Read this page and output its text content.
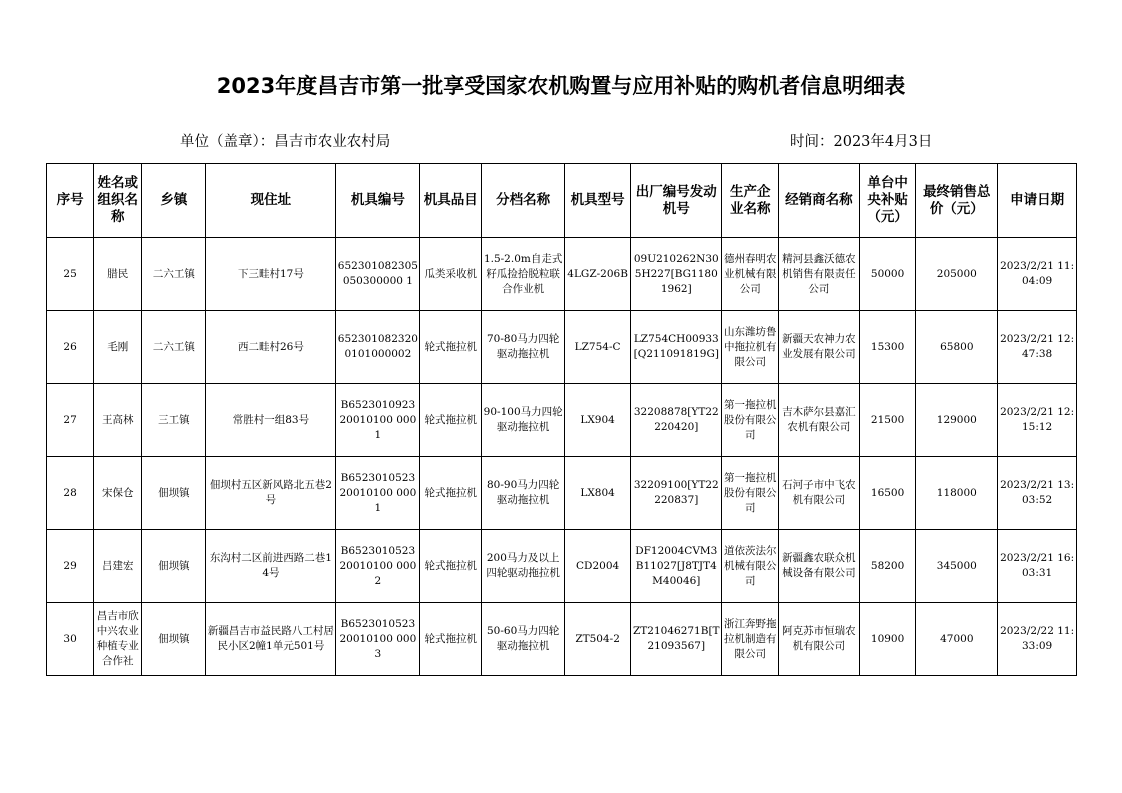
2023年度昌吉市第一批享受国家农机购置与应用补贴的购机者信息明细表
单位（盖章）：昌吉市农业农村局	时间：2023年4月3日
序号	姓名或组织名称	乡镇	现住址	机具编号	机具品目	分档名称	机具型号	出厂编号发动机号	生产企业名称	经销商名称	单台中央补贴（元）	最终销售总价（元）	申请日期
25	腊民	二六工镇	下三畦村17号	652301082305050300000 1	瓜类采收机	1.5-2.0m自走式籽瓜捡拾脱粒联合作业机	4LGZ-206B	09U210262N305H227[BG11801962]	德州春明农业机械有限公司	精河县鑫沃德农机销售有限责任公司	50000	205000	2023/2/21 11:04:09
26	毛刚	二六工镇	西二畦村26号	6523010823200101000002	轮式拖拉机	70-80马力四轮驱动拖拉机	LZ754-C	LZ754CH00933[Q211091819G]	山东潍坊鲁中拖拉机有限公司	新疆天农神力农业发展有限公司	15300	65800	2023/2/21 12:47:38
27	王高林	三工镇	常胜村一组83号	B652301092320010100 0001	轮式拖拉机	90-100马力四轮驱动拖拉机	LX904	32208878[YT22220420]	第一拖拉机股份有限公司	吉木萨尔县嘉汇农机有限公司	21500	129000	2023/2/21 12:15:12
28	宋保仓	佃坝镇	佃坝村五区新风路北五巷2号	B652301052320010100 0001	轮式拖拉机	80-90马力四轮驱动拖拉机	LX804	32209100[YT22220837]	第一拖拉机股份有限公司	石河子市中飞农机有限公司	16500	118000	2023/2/21 13:03:52
29	吕建宏	佃坝镇	东沟村二区前进西路二巷14号	B652301052320010100 0002	轮式拖拉机	200马力及以上四轮驱动拖拉机	CD2004	DF12004CVM3B11027[J8TJT4M40046]	道依茨法尔机械有限公司	新疆鑫农联众机械设备有限公司	58200	345000	2023/2/21 16:03:31
30	昌吉市欣中兴农业种植专业合作社	佃坝镇	新疆昌吉市益民路八工村居民小区2幢1单元501号	B652301052320010100 0003	轮式拖拉机	50-60马力四轮驱动拖拉机	ZT504-2	ZT21046271B[T21093567]	浙江奔野拖拉机制造有限公司	阿克苏市恒瑞农机有限公司	10900	47000	2023/2/22 11:33:09
